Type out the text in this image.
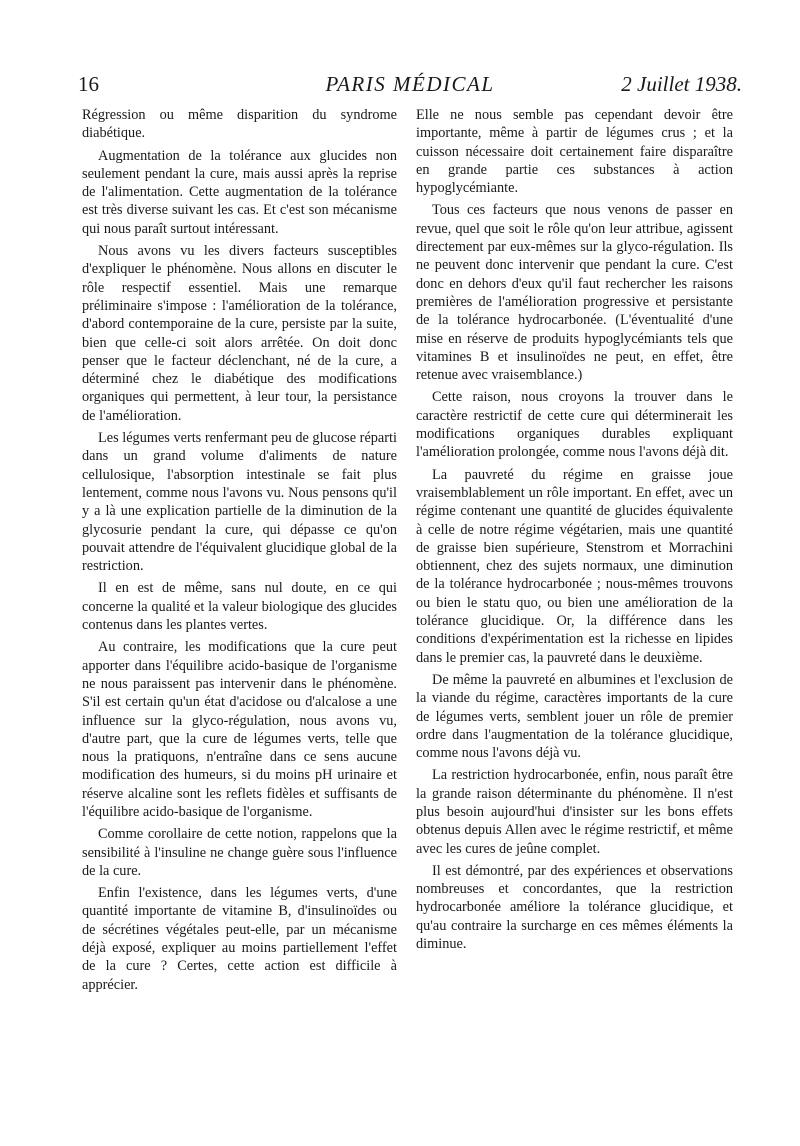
16	PARIS MÉDICAL	2 Juillet 1938.

Régression ou même disparition du syndrome diabétique.

Augmentation de la tolérance aux glucides non seulement pendant la cure, mais aussi après la reprise de l'alimentation. Cette augmentation de la tolérance est très diverse suivant les cas. Et c'est son mécanisme qui nous paraît surtout intéressant.

Nous avons vu les divers facteurs susceptibles d'expliquer le phénomène. Nous allons en discuter le rôle respectif essentiel. Mais une remarque préliminaire s'impose : l'amélioration de la tolérance, d'abord contemporaine de la cure, persiste par la suite, bien que celle-ci soit alors arrêtée. On doit donc penser que le facteur déclenchant, né de la cure, a déterminé chez le diabétique des modifications organiques qui permettent, à leur tour, la persistance de l'amélioration.

Les légumes verts renfermant peu de glucose réparti dans un grand volume d'aliments de nature cellulosique, l'absorption intestinale se fait plus lentement, comme nous l'avons vu. Nous pensons qu'il y a là une explication partielle de la diminution de la glycosurie pendant la cure, qui dépasse ce qu'on pouvait attendre de l'équivalent glucidique global de la restriction.

Il en est de même, sans nul doute, en ce qui concerne la qualité et la valeur biologique des glucides contenus dans les plantes vertes.

Au contraire, les modifications que la cure peut apporter dans l'équilibre acido-basique de l'organisme ne nous paraissent pas intervenir dans le phénomène. S'il est certain qu'un état d'acidose ou d'alcalose a une influence sur la glyco-régulation, nous avons vu, d'autre part, que la cure de légumes verts, telle que nous la pratiquons, n'entraîne dans ce sens aucune modification des humeurs, si du moins pH urinaire et réserve alcaline sont les reflets fidèles et suffisants de l'équilibre acido-basique de l'organisme.

Comme corollaire de cette notion, rappelons que la sensibilité à l'insuline ne change guère sous l'influence de la cure.

Enfin l'existence, dans les légumes verts, d'une quantité importante de vitamine B, d'insulinoïdes ou de sécrétines végétales peut-elle, par un mécanisme déjà exposé, expliquer au moins partiellement l'effet de la cure ? Certes, cette action est difficile à apprécier.

Elle ne nous semble pas cependant devoir être importante, même à partir de légumes crus ; et la cuisson nécessaire doit certainement faire disparaître en grande partie ces substances à action hypoglycémiante.

Tous ces facteurs que nous venons de passer en revue, quel que soit le rôle qu'on leur attribue, agissent directement par eux-mêmes sur la glyco-régulation. Ils ne peuvent donc intervenir que pendant la cure. C'est donc en dehors d'eux qu'il faut rechercher les raisons premières de l'amélioration progressive et persistante de la tolérance hydrocarbonée. (L'éventualité d'une mise en réserve de produits hypoglycémiants tels que vitamines B et insulinoïdes ne peut, en effet, être retenue avec vraisemblance.)

Cette raison, nous croyons la trouver dans le caractère restrictif de cette cure qui déterminerait les modifications organiques durables expliquant l'amélioration prolongée, comme nous l'avons déjà dit.

La pauvreté du régime en graisse joue vraisemblablement un rôle important. En effet, avec un régime contenant une quantité de glucides équivalente à celle de notre régime végétarien, mais une quantité de graisse bien supérieure, Stenstrom et Morrachini obtiennent, chez des sujets normaux, une diminution de la tolérance hydrocarbonée ; nous-mêmes trouvons ou bien le statu quo, ou bien une amélioration de la tolérance glucidique. Or, la différence dans les conditions d'expérimentation est la richesse en lipides dans le premier cas, la pauvreté dans le deuxième.

De même la pauvreté en albumines et l'exclusion de la viande du régime, caractères importants de la cure de légumes verts, semblent jouer un rôle de premier ordre dans l'augmentation de la tolérance glucidique, comme nous l'avons déjà vu.

La restriction hydrocarbonée, enfin, nous paraît être la grande raison déterminante du phénomène. Il n'est plus besoin aujourd'hui d'insister sur les bons effets obtenus depuis Allen avec le régime restrictif, et même avec les cures de jeûne complet.

Il est démontré, par des expériences et observations nombreuses et concordantes, que la restriction hydrocarbonée améliore la tolérance glucidique, et qu'au contraire la surcharge en ces mêmes éléments la diminue.
